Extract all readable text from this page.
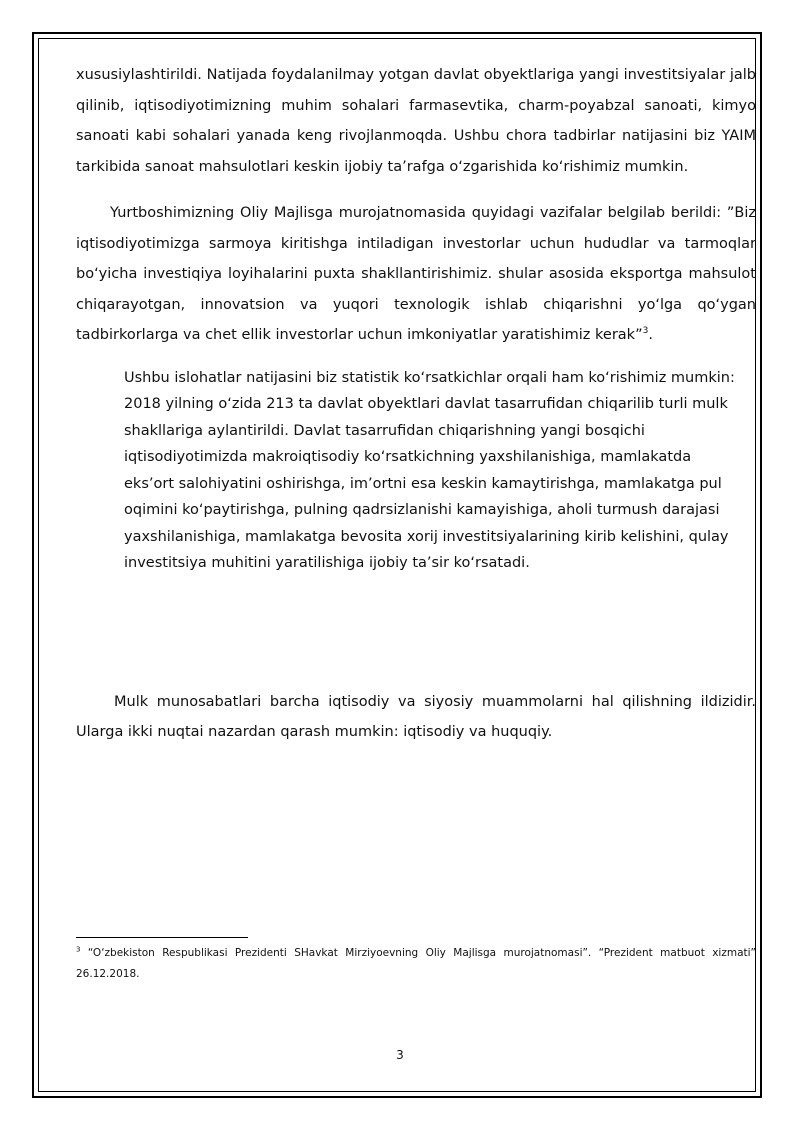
xususiylashtirildi. Natijada foydalanilmay yotgan davlat obyektlariga yangi investitsiyalar jalb qilinib, iqtisodiyotimizning muhim sohalari farmasevtika, charm-poyabzal sanoati, kimyo sanoati kabi sohalari yanada keng rivojlanmoqda. Ushbu chora tadbirlar natijasini biz YAIM tarkibida sanoat mahsulotlari keskin ijobiy ta’rafga o‘zgarishida ko‘rishimiz mumkin.

Yurtboshimizning Oliy Majlisga murojatnomasida quyidagi vazifalar belgilab berildi: ”Biz iqtisodiyotimizga sarmoya kiritishga intiladigan investorlar uchun hududlar va tarmoqlar bo‘yicha investiqiya loyihalarini puxta shakllantirishimiz. shular asosida eksportga mahsulot chiqarayotgan, innovatsion va yuqori texnologik ishlab chiqarishni yo‘lga qo‘ygan tadbirkorlarga va chet ellik investorlar uchun imkoniyatlar yaratishimiz kerak”$^3$.

Ushbu islohatlar natijasini biz statistik ko‘rsatkichlar orqali ham ko‘rishimiz mumkin: 2018 yilning o‘zida 213 ta davlat obyektlari davlat tasarrufidan chiqarilib turli mulk shakllariga aylantirildi. Davlat tasarrufidan chiqarishning yangi bosqichi iqtisodiyotimizda makroiqtisodiy ko‘rsatkichning yaxshilanishiga, mamlakatda eks’ort salohiyatini oshirishga, im’ortni esa keskin kamaytirishga, mamlakatga pul oqimini ko‘paytirishga, pulning qadrsizlanishi kamayishiga, aholi turmush darajasi yaxshilanishiga, mamlakatga bevosita xorij investitsiyalarining kirib kelishini, qulay investitsiya muhitini yaratilishiga ijobiy ta’sir ko‘rsatadi.

Mulk munosabatlari barcha iqtisodiy va siyosiy muammolarni hal qilishning ildizidir. Ularga ikki nuqtai nazardan qarash mumkin: iqtisodiy va huquqiy.

$^3$ “O‘zbekiston Respublikasi Prezidenti SHavkat Mirziyoevning Oliy Majlisga murojatnomasi”. “Prezident matbuot xizmati” 26.12.2018.
3
